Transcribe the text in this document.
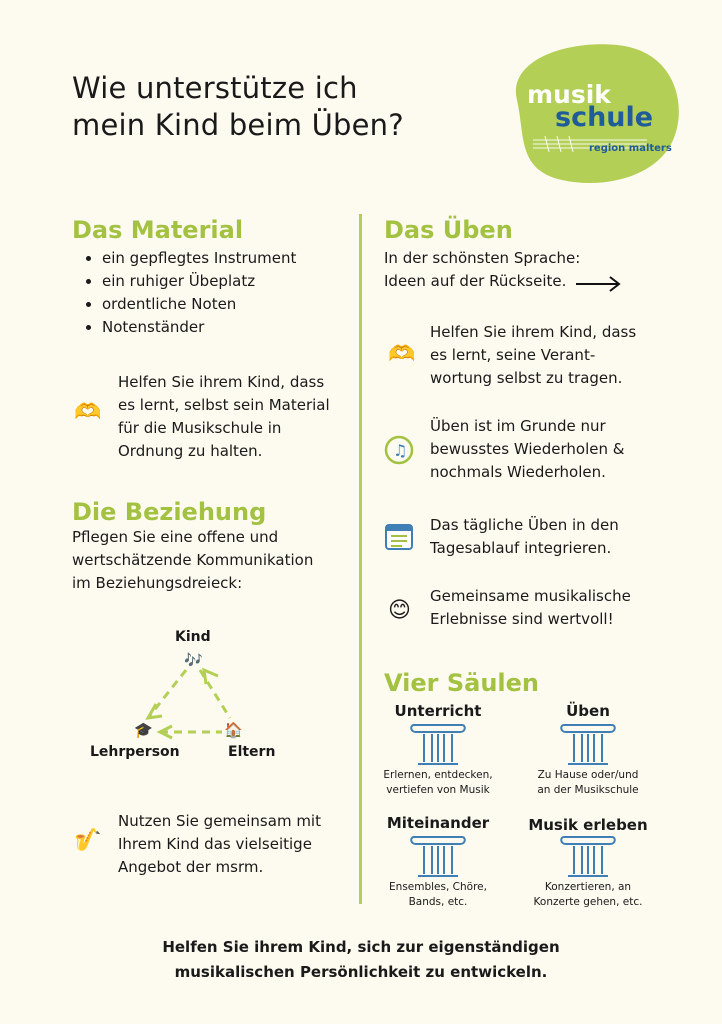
Wie unterstütze ich
mein Kind beim Üben?
musik
schule
region malters
Das Material
• ein gepflegtes Instrument
• ein ruhiger Übeplatz
• ordentliche Noten
• Notenständer
🫶
Helfen Sie ihrem Kind, dass
es lernt, selbst sein Material
für die Musikschule in
Ordnung zu halten.
Die Beziehung
Pflegen Sie eine offene und
wertschätzende Kommunikation
im Beziehungsdreieck:
Kind
🎶
🎓	🏠
Lehrperson	Eltern
🎷
Nutzen Sie gemeinsam mit
Ihrem Kind das vielseitige
Angebot der msrm.
Das Üben
In der schönsten Sprache:
Ideen auf der Rückseite.
🫶
Helfen Sie ihrem Kind, dass
es lernt, seine Verant-
wortung selbst zu tragen.
♫
Üben ist im Grunde nur
bewusstes Wiederholen &
nochmals Wiederholen.
Das tägliche Üben in den
Tagesablauf integrieren.
😊
Gemeinsame musikalische
Erlebnisse sind wertvoll!
Vier Säulen
Unterricht
Erlernen, entdecken,
vertiefen von Musik
Üben
Zu Hause oder/und
an der Musikschule
Miteinander
Ensembles, Chöre,
Bands, etc.
Musik erleben
Konzertieren, an
Konzerte gehen, etc.
Helfen Sie ihrem Kind, sich zur eigenständigen
musikalischen Persönlichkeit zu entwickeln.
